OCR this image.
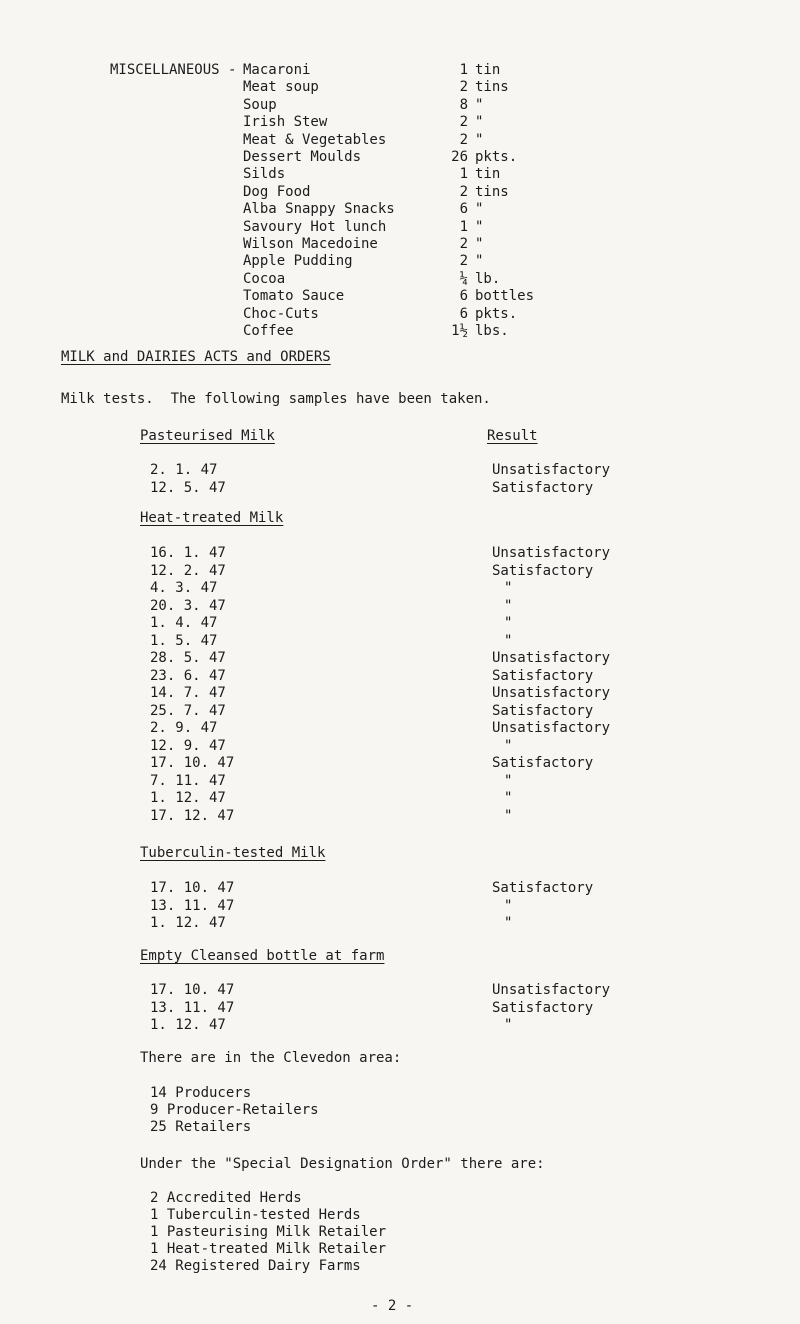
MISCELLANEOUS - Macaroni	1 tin
Meat soup	2 tins
Soup	8 "
Irish Stew	2 "
Meat & Vegetables	2 "
Dessert Moulds	26 pkts.
Silds	1 tin
Dog Food	2 tins
Alba Snappy Snacks	6 "
Savoury Hot lunch	1 "
Wilson Macedoine	2 "
Apple Pudding	2 "
Cocoa	¼ lb.
Tomato Sauce	6 bottles
Choc-Cuts	6 pkts.
Coffee	1½ lbs.
MILK and DAIRIES ACTS and ORDERS
Milk tests.  The following samples have been taken.
Pasteurised Milk	Result
2. 1. 47	Unsatisfactory
12. 5. 47	Satisfactory
Heat-treated Milk
16. 1. 47	Unsatisfactory
12. 2. 47	Satisfactory
4. 3. 47	"
20. 3. 47	"
1. 4. 47	"
1. 5. 47	"
28. 5. 47	Unsatisfactory
23. 6. 47	Satisfactory
14. 7. 47	Unsatisfactory
25. 7. 47	Satisfactory
2. 9. 47	Unsatisfactory
12. 9. 47	"
17. 10. 47	Satisfactory
7. 11. 47	"
1. 12. 47	"
17. 12. 47	"
Tuberculin-tested Milk
17. 10. 47	Satisfactory
13. 11. 47	"
1. 12. 47	"
Empty Cleansed bottle at farm
17. 10. 47	Unsatisfactory
13. 11. 47	Satisfactory
1. 12. 47	"
There are in the Clevedon area:
14 Producers
9 Producer-Retailers
25 Retailers
Under the "Special Designation Order" there are:
2 Accredited Herds
1 Tuberculin-tested Herds
1 Pasteurising Milk Retailer
1 Heat-treated Milk Retailer
24 Registered Dairy Farms
- 2 -
